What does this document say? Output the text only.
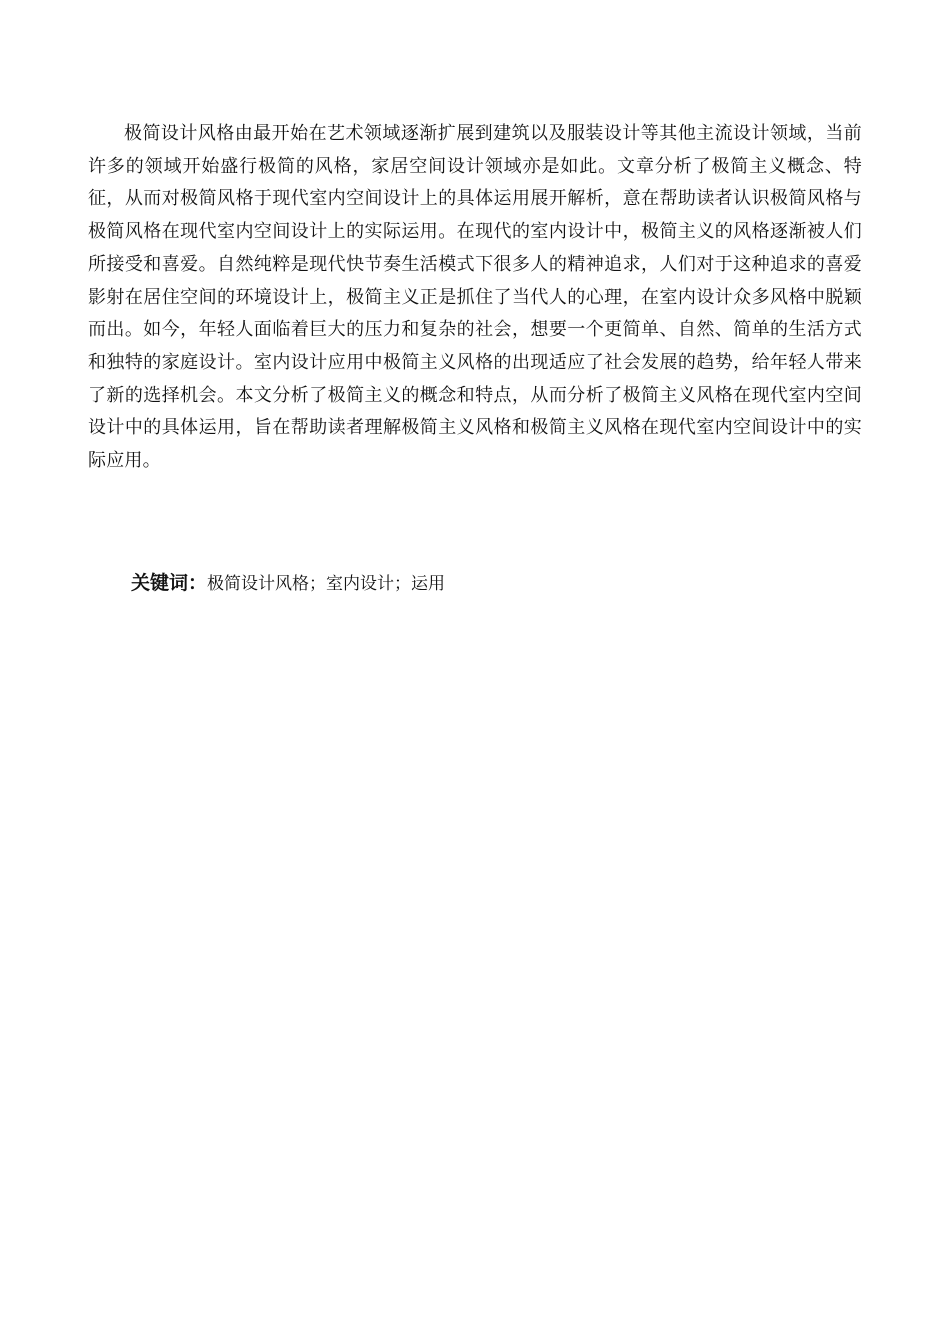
极简设计风格由最开始在艺术领域逐渐扩展到建筑以及服装设计等其他主流设计领域，当前许多的领域开始盛行极简的风格，家居空间设计领域亦是如此。文章分析了极简主义概念、特征，从而对极简风格于现代室内空间设计上的具体运用展开解析，意在帮助读者认识极简风格与极简风格在现代室内空间设计上的实际运用。在现代的室内设计中，极简主义的风格逐渐被人们所接受和喜爱。自然纯粹是现代快节奏生活模式下很多人的精神追求，人们对于这种追求的喜爱影射在居住空间的环境设计上，极简主义正是抓住了当代人的心理，在室内设计众多风格中脱颖而出。如今，年轻人面临着巨大的压力和复杂的社会，想要一个更简单、自然、简单的生活方式和独特的家庭设计。室内设计应用中极简主义风格的出现适应了社会发展的趋势，给年轻人带来了新的选择机会。本文分析了极简主义的概念和特点，从而分析了极简主义风格在现代室内空间设计中的具体运用，旨在帮助读者理解极简主义风格和极简主义风格在现代室内空间设计中的实际应用。

关键词：极简设计风格；室内设计；运用
